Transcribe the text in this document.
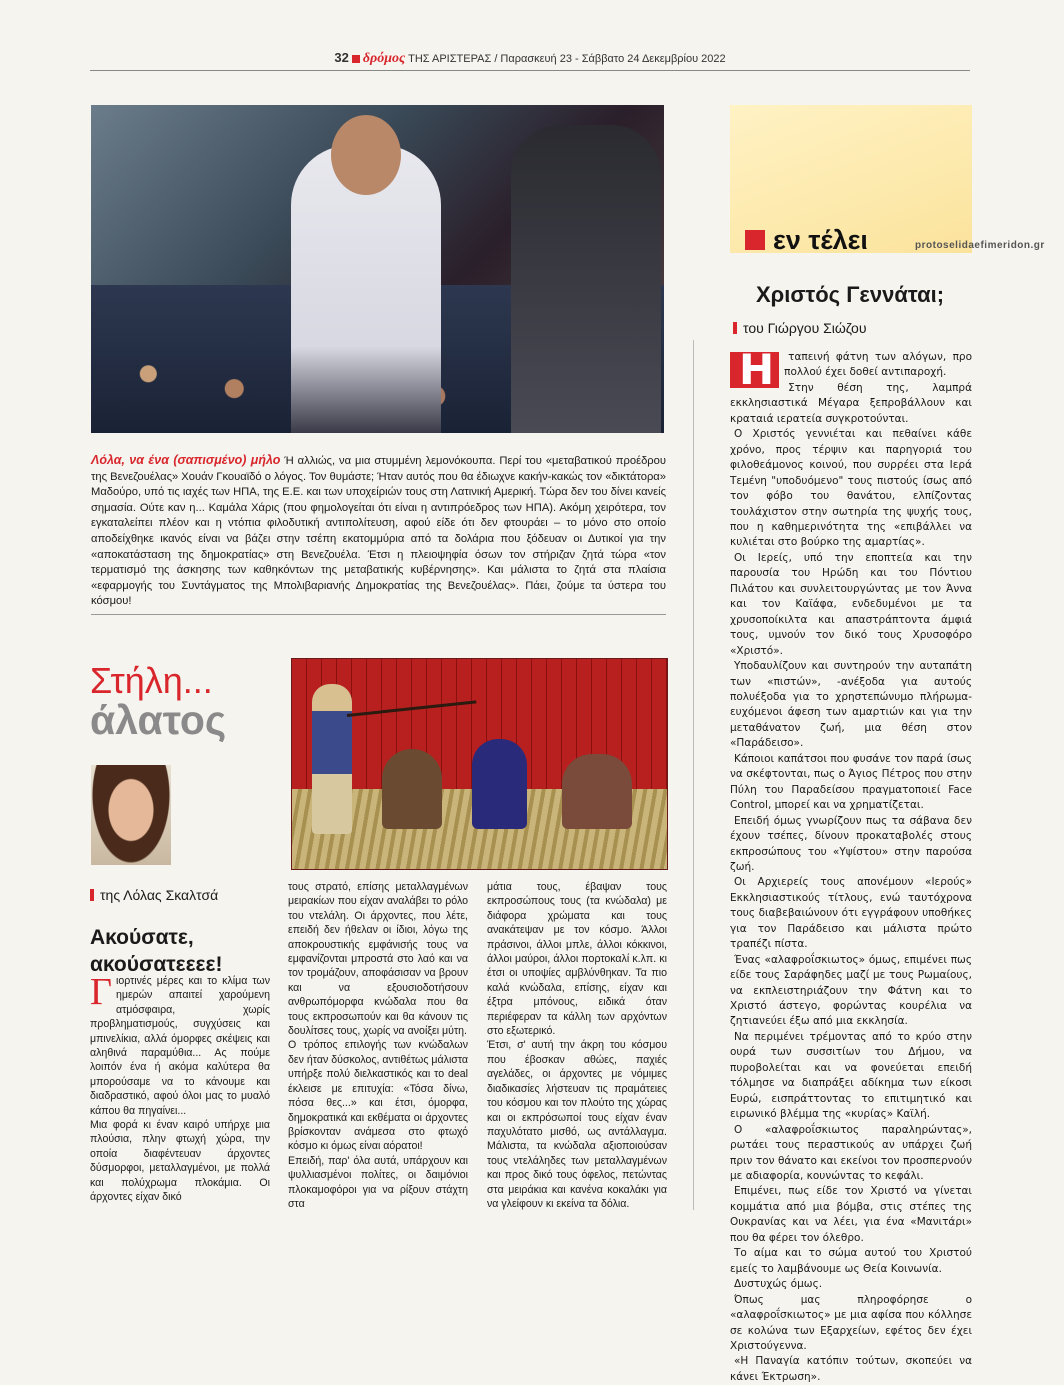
32 δρόμος ΤΗΣ ΑΡΙΣΤΕΡΑΣ / Παρασκευή 23 - Σάββατο 24 Δεκεμβρίου 2022
Λόλα, να ένα (σαπισμένο) μήλο Ή αλλιώς, να μια στυμμένη λεμονόκουπα. Περί του «μεταβατικού προέδρου της Βενεζουέλας» Χουάν Γκουαϊδό ο λόγος. Τον θυμάστε; Ήταν αυτός που θα έδιωχνε κακήν-κακώς τον «δικτάτορα» Μαδούρο, υπό τις ιαχές των ΗΠΑ, της Ε.Ε. και των υποχείριών τους στη Λατινική Αμερική. Τώρα δεν του δίνει κανείς σημασία. Ούτε καν η... Καμάλα Χάρις (που φημολογείται ότι είναι η αντιπρόεδρος των ΗΠΑ). Ακόμη χειρότερα, τον εγκαταλείπει πλέον και η ντόπια φιλοδυτική αντιπολίτευση, αφού είδε ότι δεν φτουράει – το μόνο στο οποίο αποδείχθηκε ικανός είναι να βάζει στην τσέπη εκατομμύρια από τα δολάρια που ξόδευαν οι Δυτικοί για την «αποκατάσταση της δημοκρατίας» στη Βενεζουέλα. Έτσι η πλειοψηφία όσων τον στήριζαν ζητά τώρα «τον τερματισμό της άσκησης των καθηκόντων της μεταβατικής κυβέρνησης». Και μάλιστα το ζητά στα πλαίσια «εφαρμογής του Συντάγματος της Μπολιβαριανής Δημοκρατίας της Βενεζουέλας». Πάει, ζούμε τα ύστερα του κόσμου!
εν τέλει	protoselidaefimeridon.gr
Χριστός Γεννάται;
του Γιώργου Σιώζου

Η	ταπεινή φάτνη των αλόγων, προ πολλού έχει δοθεί αντιπαροχή.

Στην θέση της, λαμπρά εκκλησιαστικά Μέγαρα ξεπροβάλλουν και κραταιά ιερατεία συγκροτούνται.

Ο Χριστός γεννιέται και πεθαίνει κάθε χρόνο, προς τέρψιν και παρηγοριά του φιλοθεάμονος κοινού, που συρρέει στα Ιερά Τεμένη "υποδυόμενο" τους πιστούς ίσως από τον φόβο του θανάτου, ελπίζοντας τουλάχιστον στην σωτηρία της ψυχής τους, που η καθημερινότητα της «επιβάλλει να κυλιέται στο βούρκο της αμαρτίας».

Οι Ιερείς, υπό την εποπτεία και την παρουσία του Ηρώδη και του Πόντιου Πιλάτου και συνλειτουργώντας με τον Άννα και τον Καϊάφα, ενδεδυμένοι με τα χρυσοποίκιλτα και απαστράπτοντα άμφιά τους, υμνούν τον δικό τους Χρυσοφόρο «Χριστό».

Υποδαυλίζουν και συντηρούν την αυταπάτη των «πιστών», -ανέξοδα για αυτούς πολυέξοδα για το χρηστεπώνυμο πλήρωμα- ευχόμενοι άφεση των αμαρτιών και για την μεταθάνατον ζωή, μια θέση στον «Παράδεισο».

Κάποιοι καπάτσοι που φυσάνε τον παρά ίσως να σκέφτονται, πως ο Άγιος Πέτρος που στην Πύλη του Παραδείσου πραγματοποιεί Face Control, μπορεί και να χρηματίζεται.

Επειδή όμως γνωρίζουν πως τα σάβανα δεν έχουν τσέπες, δίνουν προκαταβολές στους εκπροσώπους του «Υψίστου» στην παρούσα ζωή.

Οι Αρχιερείς τους απονέμουν «Ιερούς» Εκκλησιαστικούς τίτλους, ενώ ταυτόχρονα τους διαβεβαιώνουν ότι εγγράφουν υποθήκες για τον Παράδεισο και μάλιστα πρώτο τραπέζι πίστα.

Ένας «αλαφροΐσκιωτος» όμως, επιμένει πως είδε τους Σαράφηδες μαζί με τους Ρωμαίους, να εκπλειστηριάζουν την Φάτνη και το Χριστό άστεγο, φορώντας κουρέλια να ζητιανεύει έξω από μια εκκλησία.

Να περιμένει τρέμοντας από το κρύο στην ουρά των συσσιτίων του Δήμου, να πυροβολείται και να φονεύεται επειδή τόλμησε να διαπράξει αδίκημα των είκοσι Ευρώ, εισπράττοντας το επιτιμητικό και ειρωνικό βλέμμα της «κυρίας» Καϊλή.

Ο «αλαφροΐσκιωτος παραληρώντας», ρωτάει τους περαστικούς αν υπάρχει ζωή πριν τον θάνατο και εκείνοι τον προσπερνούν με αδιαφορία, κουνώντας το κεφάλι.

Επιμένει, πως είδε τον Χριστό να γίνεται κομμάτια από μια βόμβα, στις στέπες της Ουκρανίας και να λέει, για ένα «Μανιτάρι» που θα φέρει τον όλεθρο.

Το αίμα και το σώμα αυτού του Χριστού εμείς το λαμβάνουμε ως Θεία Κοινωνία.

Δυστυχώς όμως.

Όπως μας πληροφόρησε ο «αλαφροΐσκιωτος» με μια αφίσα που κόλλησε σε κολώνα των Εξαρχείων, εφέτος δεν έχει Χριστούγεννα.

«Η Παναγία κατόπιν τούτων, σκοπεύει να κάνει Έκτρωση».

Στήλη...
άλατος
της Λόλας Σκαλτσά
Ακούσατε, ακούσατεεεε!

Γιορτινές μέρες και το κλίμα των ημερών απαιτεί χαρούμενη ατμόσφαιρα, χωρίς προβληματισμούς, συγχύσεις και μπινελίκια, αλλά όμορφες σκέψεις και αληθινά παραμύθια... Ας πούμε λοιπόν ένα ή ακόμα καλύτερα θα μπορούσαμε να το κάνουμε και διαδραστικό, αφού όλοι μας το μυαλό κάπου θα πηγαίνει...
Μια φορά κι έναν καιρό υπήρχε μια πλούσια, πλην φτωχή χώρα, την οποία διαφέντευαν άρχοντες δύσμορφοι, μεταλλαγμένοι, με πολλά και πολύχρωμα πλοκάμια. Οι άρχοντες είχαν δικό

τους στρατό, επίσης μεταλλαγμένων μειρακίων που είχαν αναλάβει το ρόλο του ντελάλη. Οι άρχοντες, που λέτε, επειδή δεν ήθελαν οι ίδιοι, λόγω της αποκρουστικής εμφάνισής τους να εμφανίζονται μπροστά στο λαό και να τον τρομάζουν, αποφάσισαν να βρουν και να εξουσιοδοτήσουν ανθρωπόμορφα κνώδαλα που θα τους εκπροσωπούν και θα κάνουν τις δουλίτσες τους, χωρίς να ανοίξει μύτη.
Ο τρόπος επιλογής των κνώδαλων δεν ήταν δύσκολος, αντιθέτως μάλιστα υπήρξε πολύ διελκαστικός και το deal έκλεισε με επιτυχία: «Τόσα δίνω, πόσα θες...» και έτσι, όμορφα, δημοκρατικά και εκθέματα οι άρχοντες βρίσκονταν ανάμεσα στο φτωχό κόσμο κι όμως είναι αόρατοι!
Επειδή, παρ' όλα αυτά, υπάρχουν και ψυλλιασμένοι πολίτες, οι δαιμόνιοι πλοκαμοφόροι για να ρίξουν στάχτη στα

μάτια τους, έβαψαν τους εκπροσώπους τους (τα κνώδαλα) με διάφορα χρώματα και τους ανακάτεψαν με τον κόσμο. Άλλοι πράσινοι, άλλοι μπλε, άλλοι κόκκινοι, άλλοι μαύροι, άλλοι πορτοκαλί κ.λπ. κι έτσι οι υποψίες αμβλύνθηκαν. Τα πιο καλά κνώδαλα, επίσης, είχαν και έξτρα μπόνους, ειδικά όταν περιέφεραν τα κάλλη των αρχόντων στο εξωτερικό.
Έτσι, σ' αυτή την άκρη του κόσμου που έβοσκαν αθώες, παχιές αγελάδες, οι άρχοντες με νόμιμες διαδικασίες λήστευαν τις πραμάτειες του κόσμου και τον πλούτο της χώρας και οι εκπρόσωποί τους είχαν έναν παχυλότατο μισθό, ως αντάλλαγμα. Μάλιστα, τα κνώδαλα αξιοποιούσαν τους ντελάληδες των μεταλλαγμένων και προς δικό τους όφελος, πετώντας στα μειράκια και κανένα κοκαλάκι για να γλείφουν κι εκείνα τα δόλια.
